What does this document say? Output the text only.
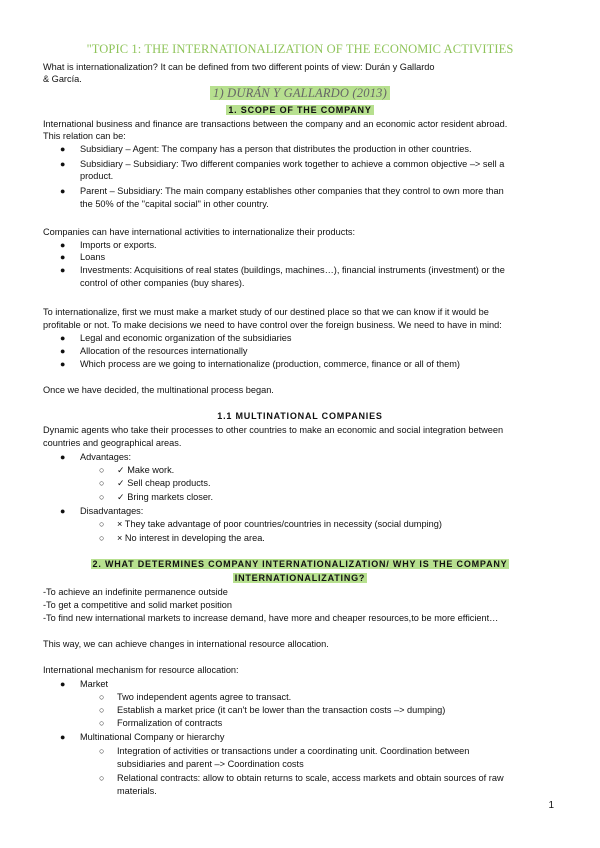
"TOPIC 1: THE INTERNATIONALIZATION OF THE ECONOMIC ACTIVITIES
What is internationalization? It can be defined from two different points of view: Durán y Gallardo
& García.
1) DURÁN Y GALLARDO (2013)
1. SCOPE OF THE COMPANY
International business and finance are transactions between the company and an economic actor resident abroad.
This relation can be:
● Subsidiary – Agent: The company has a person that distributes the production in other countries.
● Subsidiary – Subsidiary: Two different companies work together to achieve a common objective –> sell a
product.
● Parent – Subsidiary: The main company establishes other companies that they control to own more than
the 50% of the "capital social" in other country.
Companies can have international activities to internationalize their products:
● Imports or exports.
● Loans
● Investments: Acquisitions of real states (buildings, machines…), financial instruments (investment) or the
control of other companies (buy shares).
To internationalize, first we must make a market study of our destined place so that we can know if it would be
profitable or not. To make decisions we need to have control over the foreign business. We need to have in mind:
● Legal and economic organization of the subsidiaries
● Allocation of the resources internationally
● Which process are we going to internationalize (production, commerce, finance or all of them)
Once we have decided, the multinational process began.
1.1 MULTINATIONAL COMPANIES
Dynamic agents who take their processes to other countries to make an economic and social integration between
countries and geographical areas.
● Advantages:
○ ✓ Make work.
○ ✓ Sell cheap products.
○ ✓ Bring markets closer.
● Disadvantages:
○ × They take advantage of poor countries/countries in necessity (social dumping)
○ × No interest in developing the area.
2. WHAT DETERMINES COMPANY INTERNATIONALIZATION/ WHY IS THE COMPANY
INTERNATIONALIZATING?
-To achieve an indefinite permanence outside
-To get a competitive and solid market position
-To find new international markets to increase demand, have more and cheaper resources,to be more efficient…
This way, we can achieve changes in international resource allocation.
International mechanism for resource allocation:
● Market
○ Two independent agents agree to transact.
○ Establish a market price (it can't be lower than the transaction costs –> dumping)
○ Formalization of contracts
● Multinational Company or hierarchy
○ Integration of activities or transactions under a coordinating unit. Coordination between
subsidiaries and parent –> Coordination costs
○ Relational contracts: allow to obtain returns to scale, access markets and obtain sources of raw
materials.
1
